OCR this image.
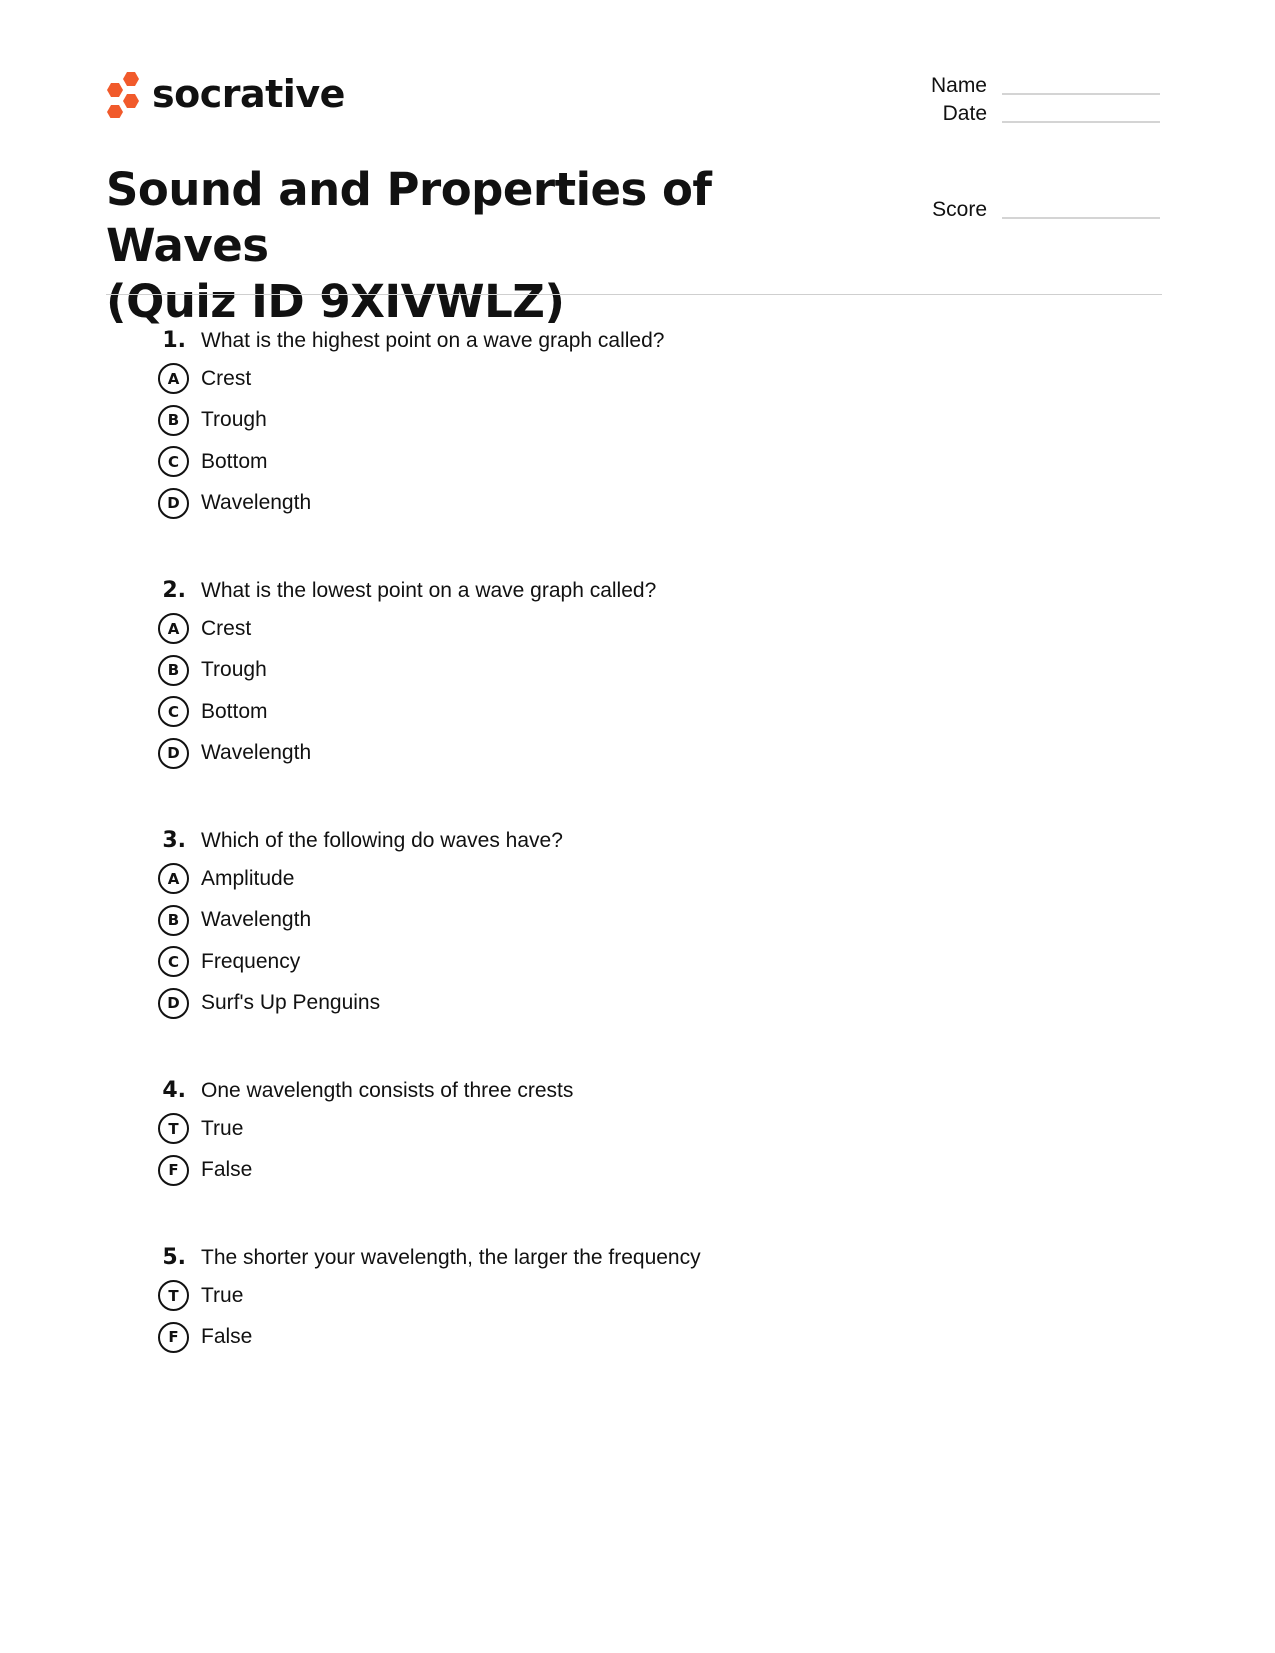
socrative	Name
Date
Score
Sound and Properties of Waves
(Quiz ID 9XIVWLZ)
1. What is the highest point on a wave graph called?
A	Crest
B	Trough
C	Bottom
D	Wavelength
2. What is the lowest point on a wave graph called?
A	Crest
B	Trough
C	Bottom
D	Wavelength
3. Which of the following do waves have?
A	Amplitude
B	Wavelength
C	Frequency
D	Surf's Up Penguins
4. One wavelength consists of three crests
T	True
F	False
5. The shorter your wavelength, the larger the frequency
T	True
F	False
